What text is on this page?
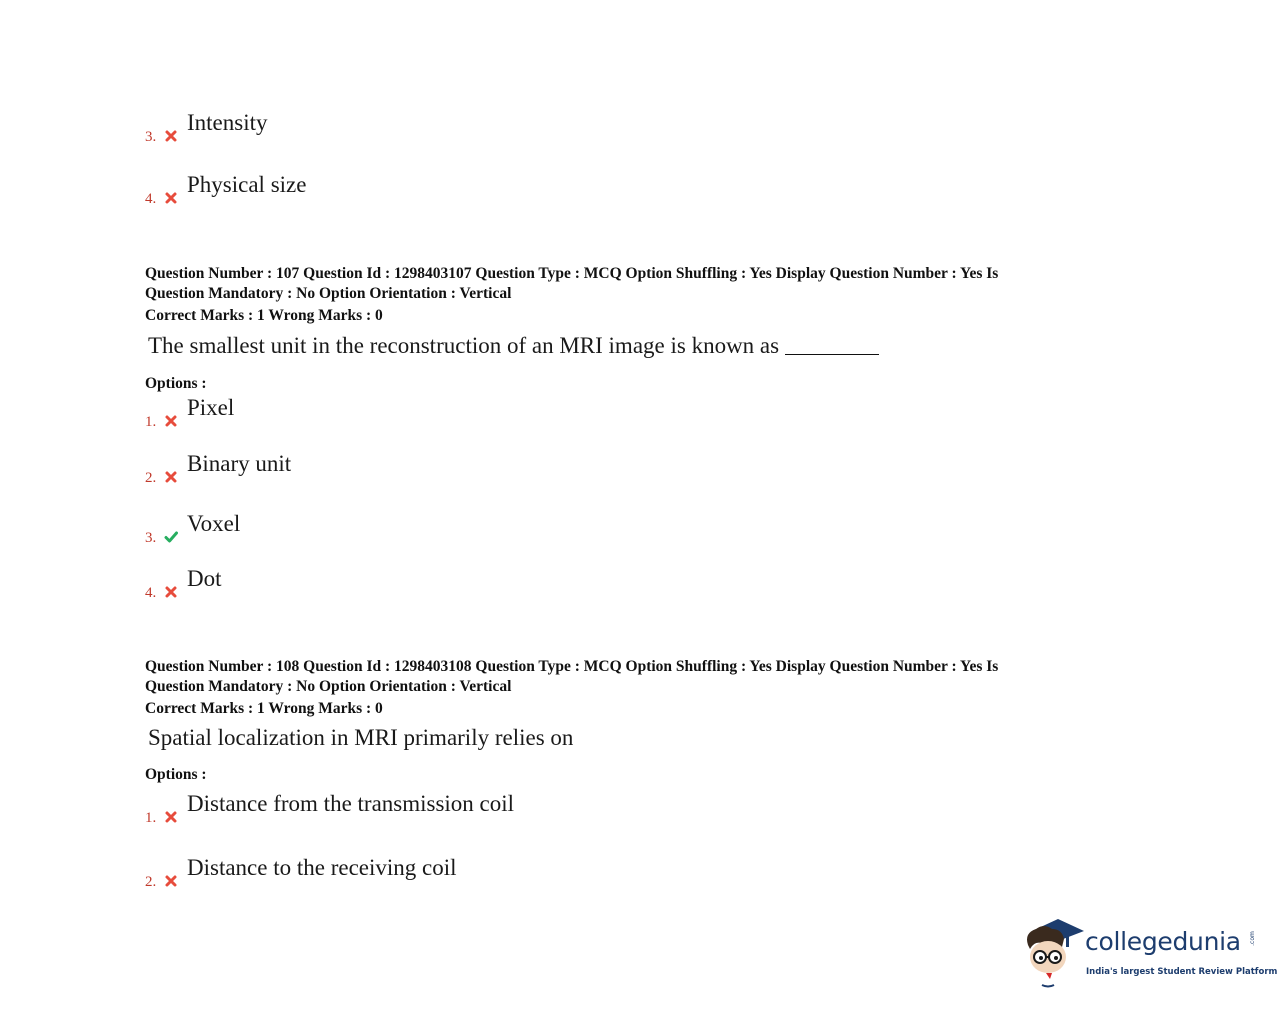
3.
Intensity
4.
Physical size
Question Number : 107 Question Id : 1298403107 Question Type : MCQ Option Shuffling : Yes Display Question Number : Yes Is
Question Mandatory : No Option Orientation : Vertical
Correct Marks : 1 Wrong Marks : 0
The smallest unit in the reconstruction of an MRI image is known as
Options :
1.
Pixel
2.
Binary unit
3.
Voxel
4.
Dot
Question Number : 108 Question Id : 1298403108 Question Type : MCQ Option Shuffling : Yes Display Question Number : Yes Is
Question Mandatory : No Option Orientation : Vertical
Correct Marks : 1 Wrong Marks : 0
Spatial localization in MRI primarily relies on
Options :
1.
Distance from the transmission coil
2.
Distance to the receiving coil
collegedunia .com
India's largest Student Review Platform
